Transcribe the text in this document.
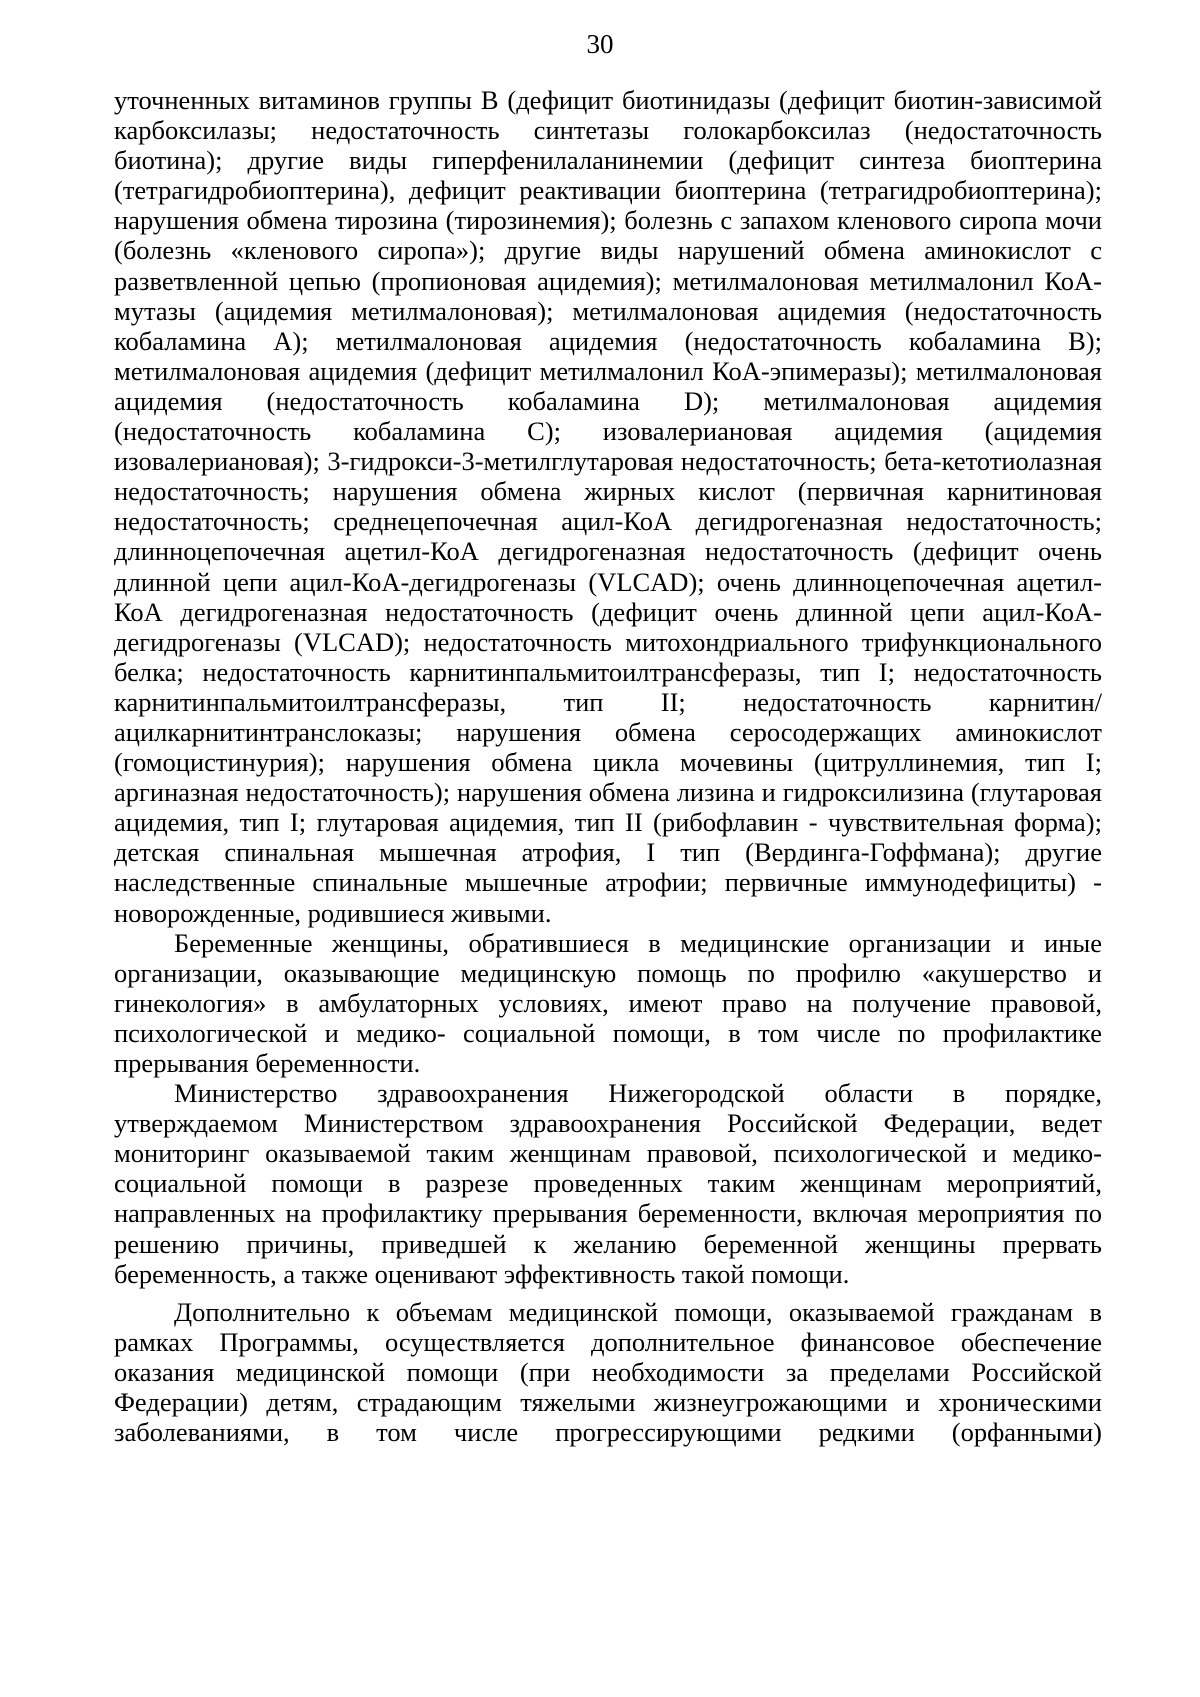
30

уточненных витаминов группы В (дефицит биотинидазы (дефицит биотин-зависимой карбоксилазы; недостаточность синтетазы голокарбоксилаз (недостаточность биотина); другие виды гиперфенилаланинемии (дефицит синтеза биоптерина (тетрагидробиоптерина), дефицит реактивации биоптерина (тетрагидробиоптерина); нарушения обмена тирозина (тирозинемия); болезнь с запахом кленового сиропа мочи (болезнь «кленового сиропа»); другие виды нарушений обмена аминокислот с разветвленной цепью (пропионовая ацидемия); метилмалоновая метилмалонил КоА-мутазы (ацидемия метилмалоновая); метилмалоновая ацидемия (недостаточность кобаламина А); метилмалоновая ацидемия (недостаточность кобаламина В); метилмалоновая ацидемия (дефицит метилмалонил КоА-эпимеразы); метилмалоновая ацидемия (недостаточность кобаламина D); метилмалоновая ацидемия (недостаточность кобаламина С); изовалериановая ацидемия (ацидемия изовалериановая); 3-гидрокси-3-метилглутаровая недостаточность; бета-кетотиолазная недостаточность; нарушения обмена жирных кислот (первичная карнитиновая недостаточность; среднецепочечная ацил-КоА дегидрогеназная недостаточность; длинноцепочечная ацетил-КоА дегидрогеназная недостаточность (дефицит очень длинной цепи ацил-КоА-дегидрогеназы (VLCAD); очень длинноцепочечная ацетил-КоА дегидрогеназная недостаточность (дефицит очень длинной цепи ацил-КоА-дегидрогеназы (VLCAD); недостаточность митохондриального трифункционального белка; недостаточность карнитинпальмитоилтрансферазы, тип I; недостаточность карнитинпальмитоилтрансферазы, тип II; недостаточность карнитин/ацилкарнитинтранслоказы; нарушения обмена серосодержащих аминокислот (гомоцистинурия); нарушения обмена цикла мочевины (цитруллинемия, тип I; аргиназная недостаточность); нарушения обмена лизина и гидроксилизина (глутаровая ацидемия, тип I; глутаровая ацидемия, тип II (рибофлавин - чувствительная форма); детская спинальная мышечная атрофия, I тип (Вердинга-Гоффмана); другие наследственные спинальные мышечные атрофии; первичные иммунодефициты) - новорожденные, родившиеся живыми.

Беременные женщины, обратившиеся в медицинские организации и иные организации, оказывающие медицинскую помощь по профилю «акушерство и гинекология» в амбулаторных условиях, имеют право на получение правовой, психологической и медико- социальной помощи, в том числе по профилактике прерывания беременности.

Министерство здравоохранения Нижегородской области в порядке, утверждаемом Министерством здравоохранения Российской Федерации, ведет мониторинг оказываемой таким женщинам правовой, психологической и медико-социальной помощи в разрезе проведенных таким женщинам мероприятий, направленных на профилактику прерывания беременности, включая мероприятия по решению причины, приведшей к желанию беременной женщины прервать беременность, а также оценивают эффективность такой помощи.

Дополнительно к объемам медицинской помощи, оказываемой гражданам в рамках Программы, осуществляется дополнительное финансовое обеспечение оказания медицинской помощи (при необходимости за пределами Российской Федерации) детям, страдающим тяжелыми жизнеугрожающими и хроническими заболеваниями, в том числе прогрессирующими редкими (орфанными)
